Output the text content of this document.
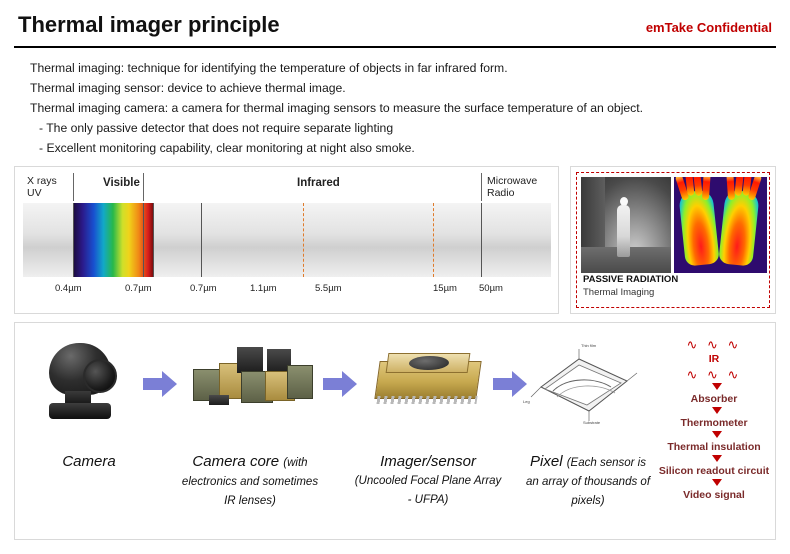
Thermal imager principle	emTake Confidential
Thermal imaging: technique for identifying the temperature of objects in far infrared form.
Thermal imaging sensor: device to achieve thermal image.
Thermal imaging camera: a camera for thermal imaging sensors to measure the surface temperature of an object.
- The only passive detector that does not require separate lighting
- Excellent monitoring capability, clear monitoring at night also smoke.
X rays
UV
Visible	Infrared	Microwave
Radio
0.4µm	0.7µm	0.7µm	1.1µm	5.5µm	15µm 50µm
PASSIVE RADIATION
Thermal Imaging
Camera	Camera core (with electronics and sometimes IR lenses)
Imager/sensor (Uncooled Focal Plane Array - UFPA)
Thin film
Leg
Substrate
Pixel (Each sensor is an array of thousands of pixels)
∿ ∿ ∿
IR
∿ ∿ ∿
Absorber
Thermometer
Thermal insulation
Silicon readout circuit
Video signal
